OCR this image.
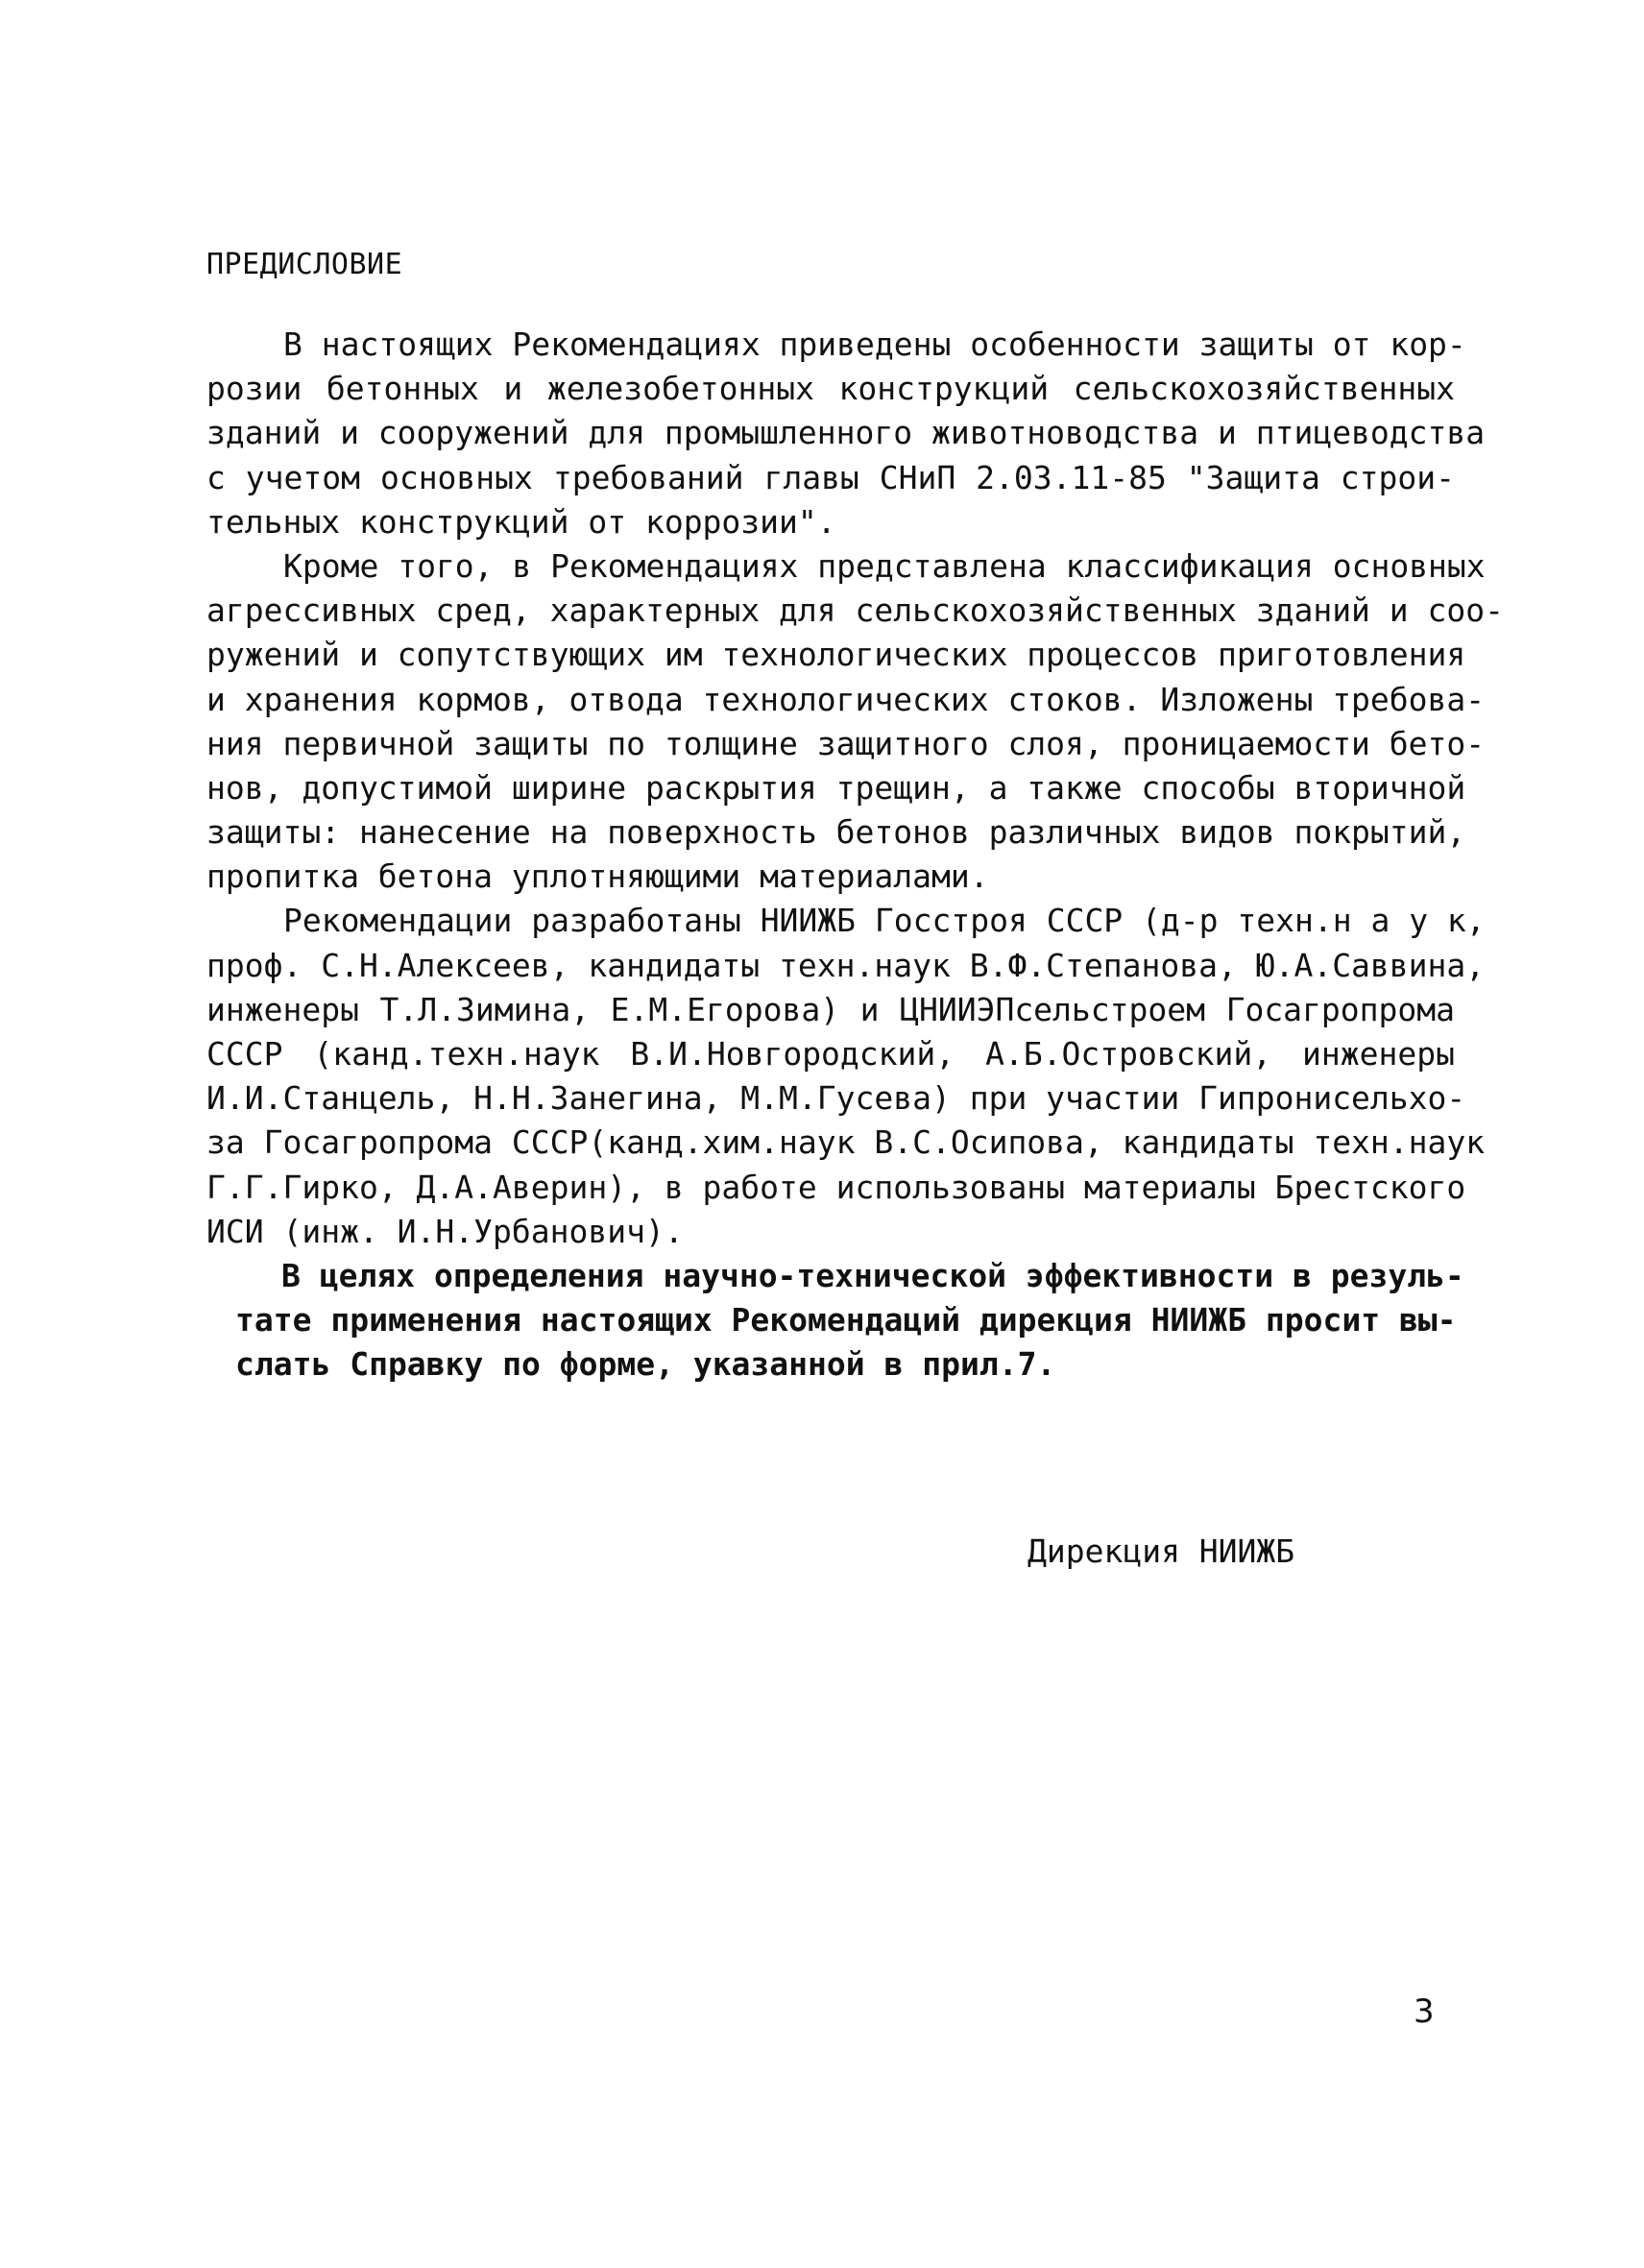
ПРЕДИСЛОВИЕ
В настоящих Рекомендациях приведены особенности защиты от кор-
розии бетонных и железобетонных конструкций сельскохозяйственных
зданий и сооружений для промышленного животноводства и птицеводства
с учетом основных требований главы СНиП 2.03.11-85 "Защита строи-
тельных конструкций от коррозии".
Кроме того, в Рекомендациях представлена классификация основных
агрессивных сред, характерных для сельскохозяйственных зданий и соо-
ружений и сопутствующих им технологических процессов приготовления
и хранения кормов, отвода технологических стоков. Изложены требова-
ния первичной защиты по толщине защитного слоя, проницаемости бето-
нов, допустимой ширине раскрытия трещин, а также способы вторичной
защиты: нанесение на поверхность бетонов различных видов покрытий,
пропитка бетона уплотняющими материалами.
Рекомендации разработаны НИИЖБ Госстроя СССР (д-р техн.н а у к,
проф. С.Н.Алексеев, кандидаты техн.наук В.Ф.Степанова, Ю.А.Саввина,
инженеры Т.Л.Зимина, Е.М.Егорова) и ЦНИИЭПсельстроем Госагропрома
СССР (канд.техн.наук В.И.Новгородский, А.Б.Островский, инженеры
И.И.Станцель, Н.Н.Занегина, М.М.Гусева) при участии Гипронисельхо-
за Госагропрома СССР(канд.хим.наук В.С.Осипова, кандидаты техн.наук
Г.Г.Гирко, Д.А.Аверин), в работе использованы материалы Брестского
ИСИ (инж. И.Н.Урбанович).
В целях определения научно-технической эффективности в резуль-
тате применения настоящих Рекомендаций дирекция НИИЖБ просит вы-
слать Справку по форме, указанной в прил.7.
Дирекция НИИЖБ
3
